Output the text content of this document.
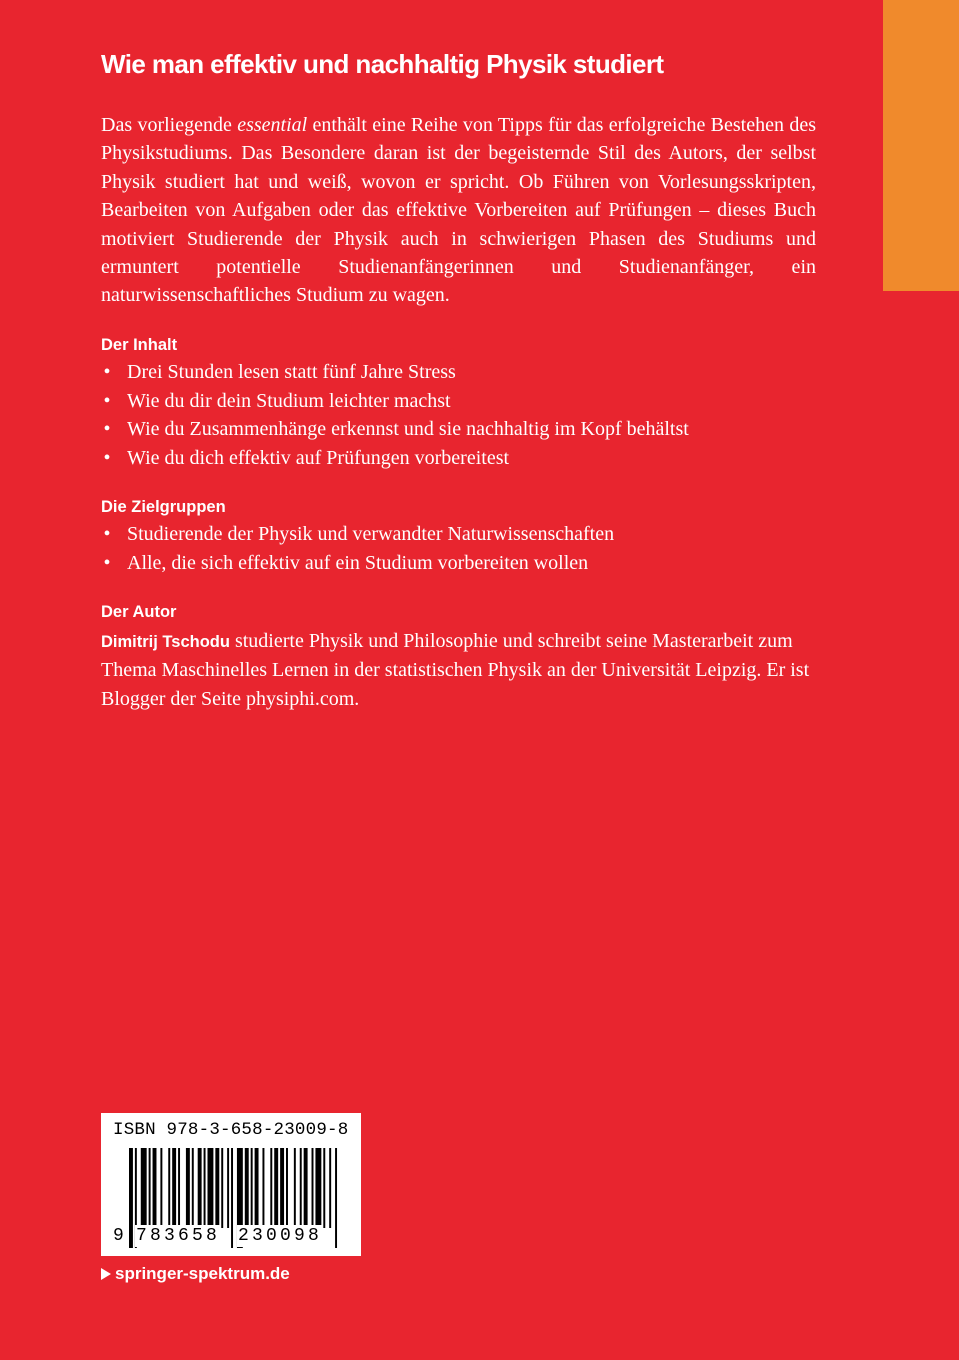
Wie man effektiv und nachhaltig Physik studiert

Das vorliegende essential enthält eine Reihe von Tipps für das erfolgreiche Bestehen des Physikstudiums. Das Besondere daran ist der begeisternde Stil des Autors, der selbst Physik studiert hat und weiß, wovon er spricht. Ob Führen von Vorlesungsskripten, Bearbeiten von Aufgaben oder das effektive Vorbereiten auf Prüfungen – dieses Buch motiviert Studierende der Physik auch in schwierigen Phasen des Studiums und ermuntert potentielle Studienanfängerinnen und Studienanfänger, ein naturwissenschaftliches Studium zu wagen.

Der Inhalt
• Drei Stunden lesen statt fünf Jahre Stress
• Wie du dir dein Studium leichter machst
• Wie du Zusammenhänge erkennst und sie nachhaltig im Kopf behältst
• Wie du dich effektiv auf Prüfungen vorbereitest
Die Zielgruppen
• Studierende der Physik und verwandter Naturwissenschaften
• Alle, die sich effektiv auf ein Studium vorbereiten wollen
Der Autor

Dimitrij Tschodu studierte Physik und Philosophie und schreibt seine Masterarbeit zum Thema Maschinelles Lernen in der statistischen Physik an der Universität Leipzig. Er ist Blogger der Seite physiphi.com.

ISBN 978-3-658-23009-8
9 783658 230098
springer-spektrum.de
